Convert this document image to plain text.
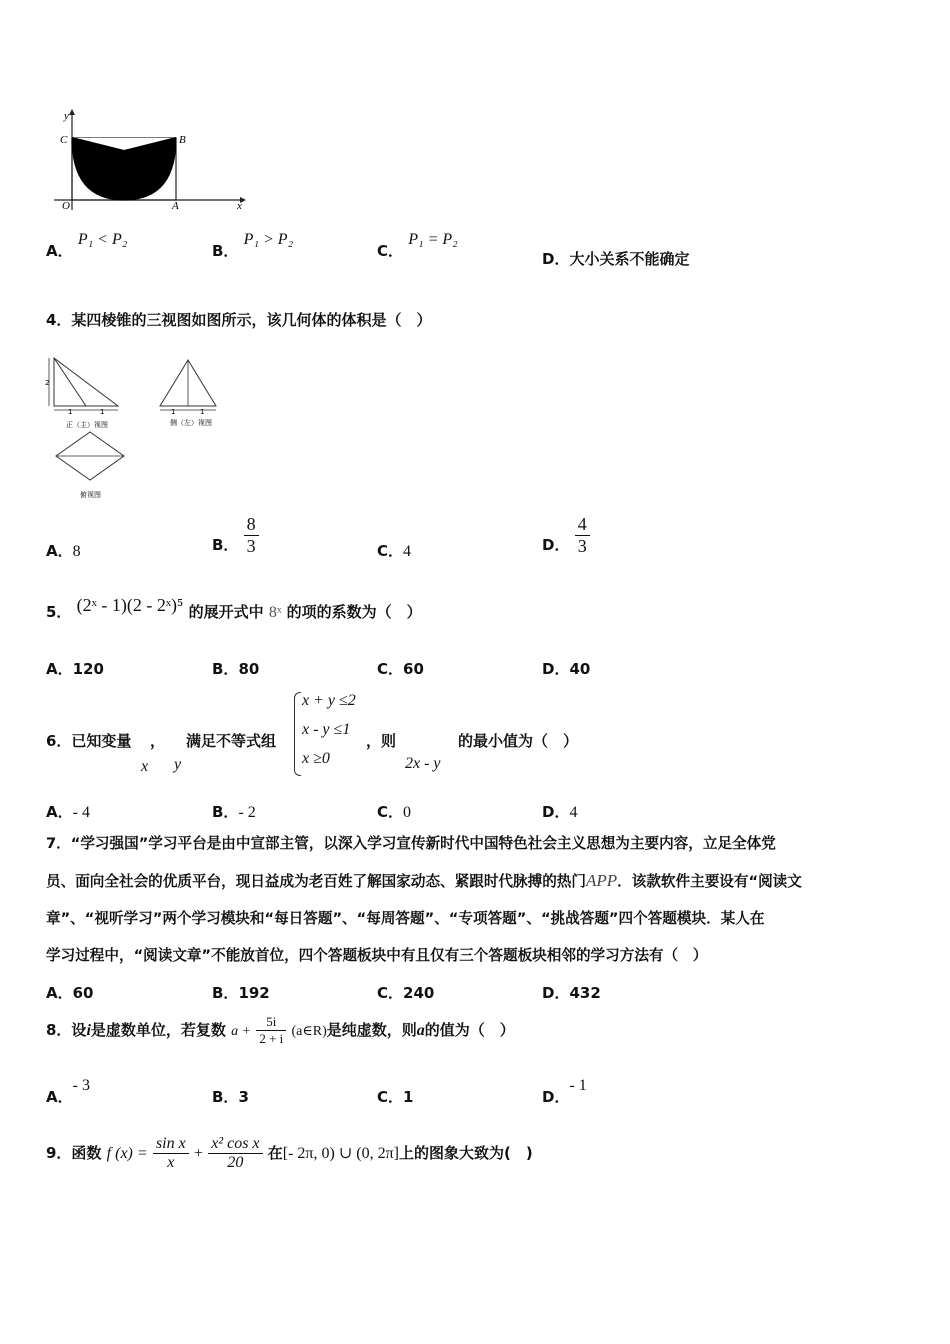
y
C	B
O	A	x
A． P₁ < P₂
B． P₁ > P₂
C． P₁ = P₂
D．大小关系不能确定
4．某四棱锥的三视图如图所示，该几何体的体积是（　）
2
1	1
正（主）视图
1	1
侧（左）视图
俯视图
A．8	B． $\frac{8}{3}$	C．4	D． $\frac{4}{3}$
5． (2ˣ - 1)(2 - 2ˣ)⁵ 的展开式中 8ˣ 的项的系数为（　）
A．120	B．80	C．60	D．40
6．已知变量 ， 满足不等式组
x y
x + y ≤2
x - y ≤1
x ≥0
，则
2x - y
的最小值为（　）
A．- 4	B．- 2	C．0	D．4
7．“学习强国”学习平台是由中宣部主管，以深入学习宣传新时代中国特色社会主义思想为主要内容，立足全体党
员、面向全社会的优质平台，现日益成为老百姓了解国家动态、紧跟时代脉搏的热门APP．该款软件主要设有“阅读文
章”、“视听学习”两个学习模块和“每日答题”、“每周答题”、“专项答题”、“挑战答题”四个答题模块．某人在
学习过程中，“阅读文章”不能放首位，四个答题板块中有且仅有三个答题板块相邻的学习方法有（　）
A．60	B．192	C．240	D．432
8．设i是虚数单位，若复数 $a + \frac{5i}{2 + i}$ (a∈R)是纯虚数，则a的值为（　）
A．- 3
B．3	C．1	D．- 1
9．函数 f $(x) = \frac{\text{sin x}}{x} + \frac{\text{x² cos x}}{20}$ 在[- 2π, 0) ∪ (0, 2π]上的图象大致为(　)
